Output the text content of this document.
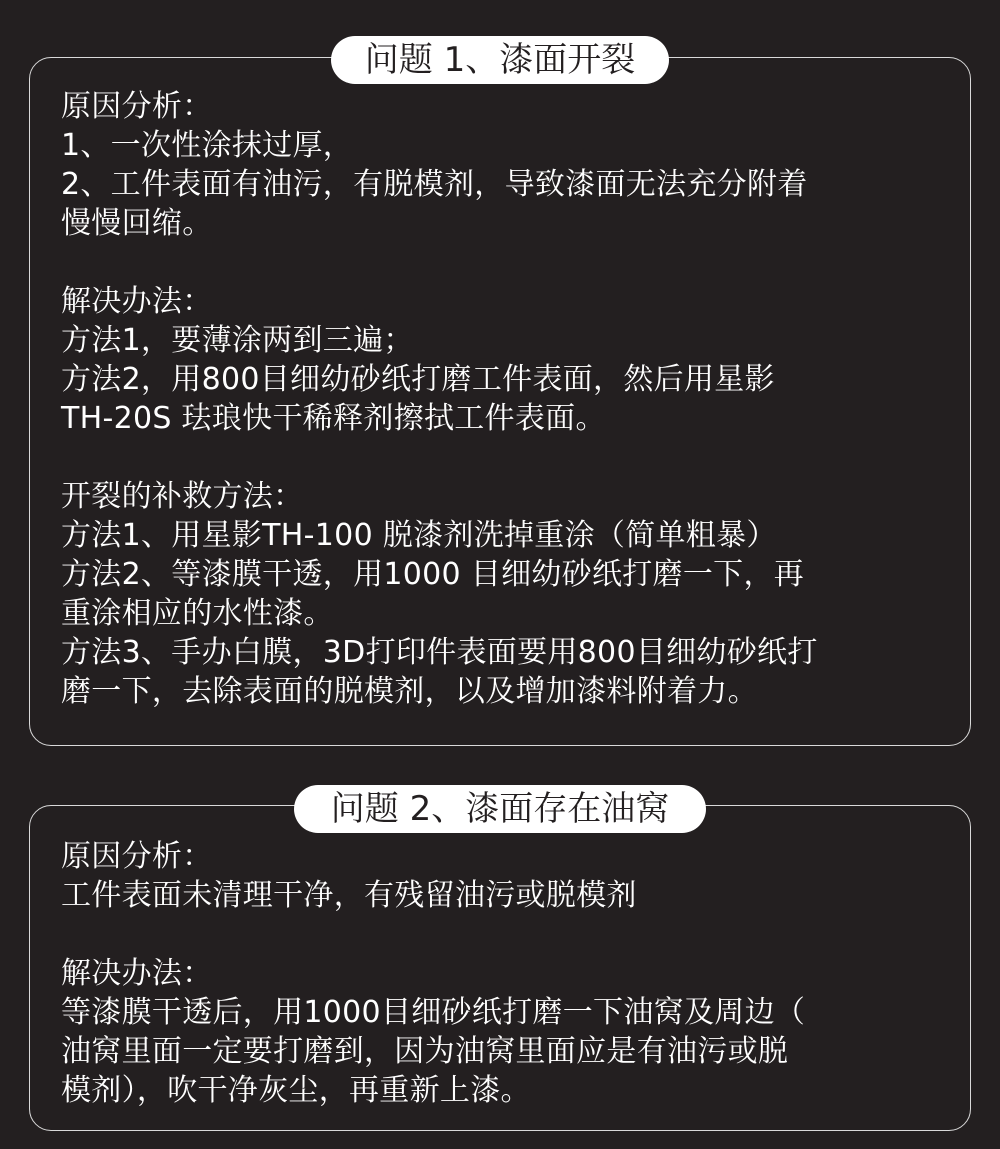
问题 1、漆面开裂
原因分析：
1、一次性涂抹过厚，
2、工件表面有油污，有脱模剂，导致漆面无法充分附着
慢慢回缩。
解决办法：
方法1，要薄涂两到三遍；
方法2，用800目细幼砂纸打磨工件表面，然后用星影
TH-20S 珐琅快干稀释剂擦拭工件表面。
开裂的补救方法：
方法1、用星影TH-100 脱漆剂洗掉重涂（简单粗暴）
方法2、等漆膜干透，用1000 目细幼砂纸打磨一下，再
重涂相应的水性漆。
方法3、手办白膜，3D打印件表面要用800目细幼砂纸打
磨一下，去除表面的脱模剂，以及增加漆料附着力。
问题 2、漆面存在油窝
原因分析：
工件表面未清理干净，有残留油污或脱模剂
解决办法：
等漆膜干透后，用1000目细砂纸打磨一下油窝及周边（
油窝里面一定要打磨到，因为油窝里面应是有油污或脱
模剂），吹干净灰尘，再重新上漆。
